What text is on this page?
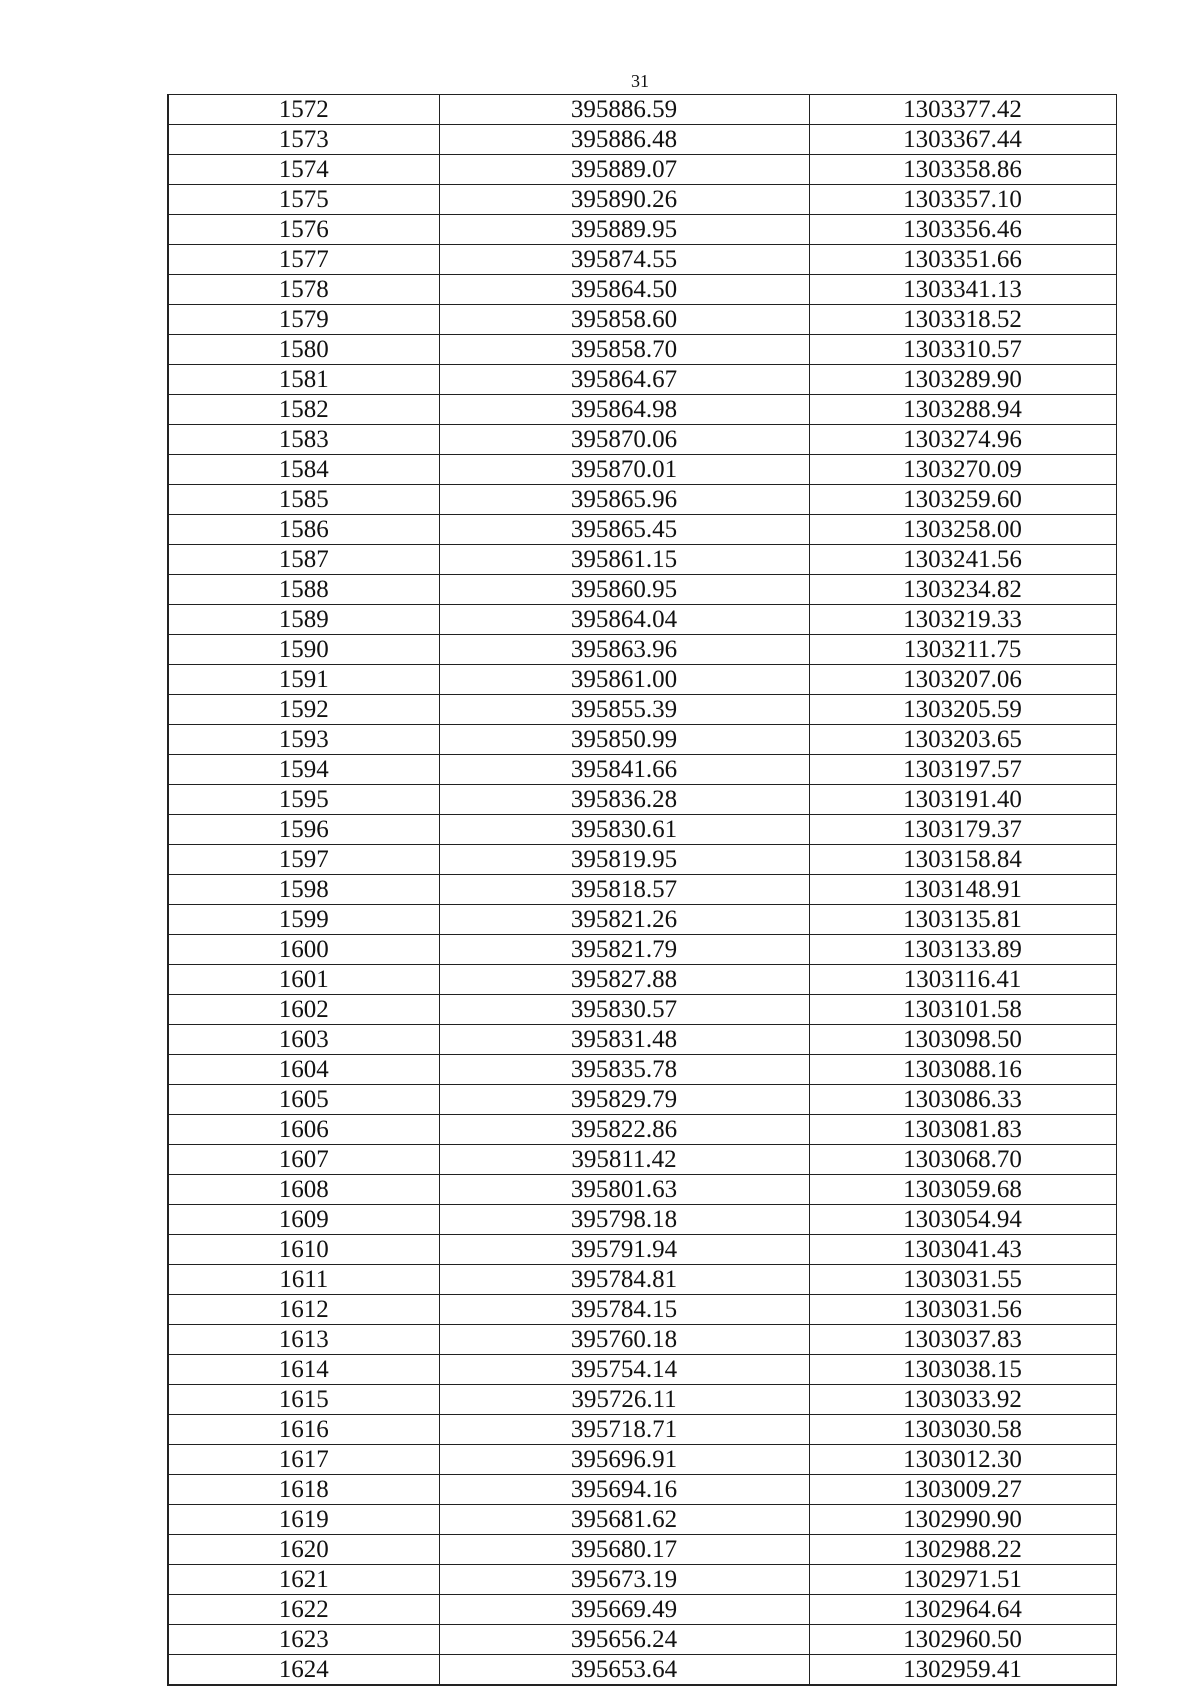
31
1572	395886.59	1303377.42
1573	395886.48	1303367.44
1574	395889.07	1303358.86
1575	395890.26	1303357.10
1576	395889.95	1303356.46
1577	395874.55	1303351.66
1578	395864.50	1303341.13
1579	395858.60	1303318.52
1580	395858.70	1303310.57
1581	395864.67	1303289.90
1582	395864.98	1303288.94
1583	395870.06	1303274.96
1584	395870.01	1303270.09
1585	395865.96	1303259.60
1586	395865.45	1303258.00
1587	395861.15	1303241.56
1588	395860.95	1303234.82
1589	395864.04	1303219.33
1590	395863.96	1303211.75
1591	395861.00	1303207.06
1592	395855.39	1303205.59
1593	395850.99	1303203.65
1594	395841.66	1303197.57
1595	395836.28	1303191.40
1596	395830.61	1303179.37
1597	395819.95	1303158.84
1598	395818.57	1303148.91
1599	395821.26	1303135.81
1600	395821.79	1303133.89
1601	395827.88	1303116.41
1602	395830.57	1303101.58
1603	395831.48	1303098.50
1604	395835.78	1303088.16
1605	395829.79	1303086.33
1606	395822.86	1303081.83
1607	395811.42	1303068.70
1608	395801.63	1303059.68
1609	395798.18	1303054.94
1610	395791.94	1303041.43
1611	395784.81	1303031.55
1612	395784.15	1303031.56
1613	395760.18	1303037.83
1614	395754.14	1303038.15
1615	395726.11	1303033.92
1616	395718.71	1303030.58
1617	395696.91	1303012.30
1618	395694.16	1303009.27
1619	395681.62	1302990.90
1620	395680.17	1302988.22
1621	395673.19	1302971.51
1622	395669.49	1302964.64
1623	395656.24	1302960.50
1624	395653.64	1302959.41
